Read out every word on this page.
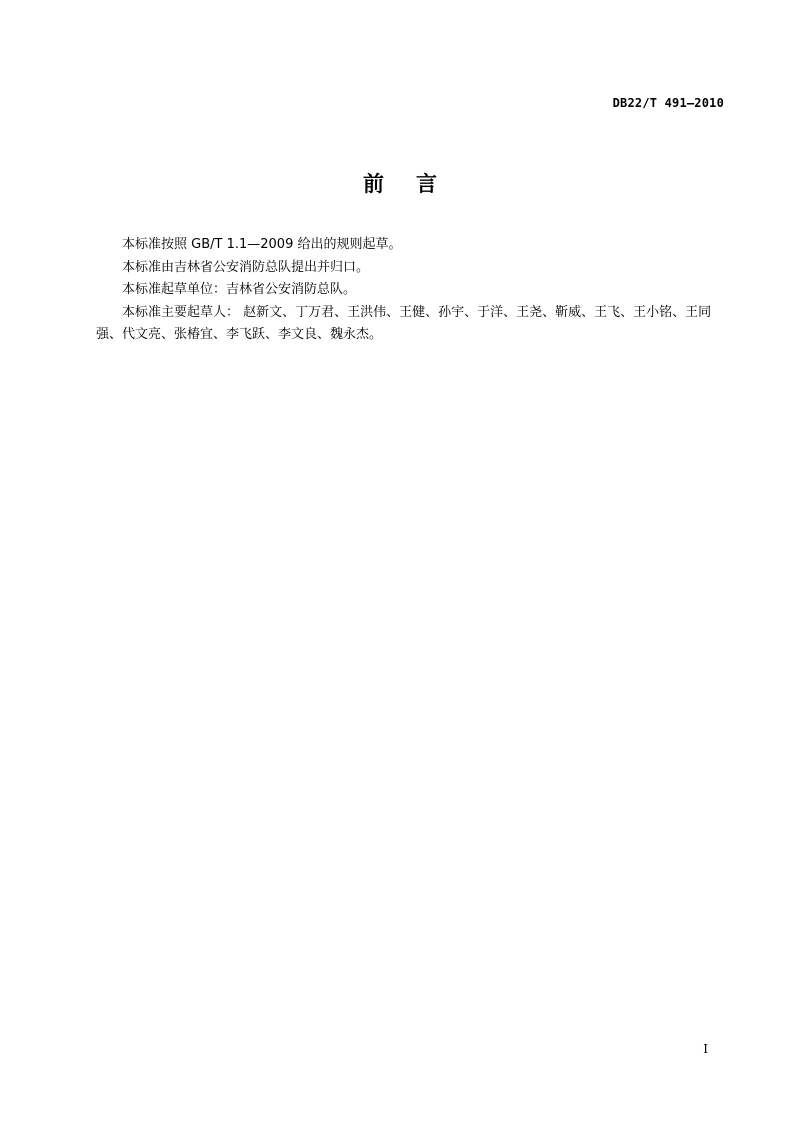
DB22/T 491—2010
前言

本标准按照 GB/T 1.1—2009 给出的规则起草。

本标准由吉林省公安消防总队提出并归口。

本标准起草单位：吉林省公安消防总队。

本标准主要起草人： 赵新文、丁万君、王洪伟、王健、孙宇、于洋、王尧、靳威、王飞、王小铭、王同强、代文亮、张椿宜、李飞跃、李文良、魏永杰。

I
